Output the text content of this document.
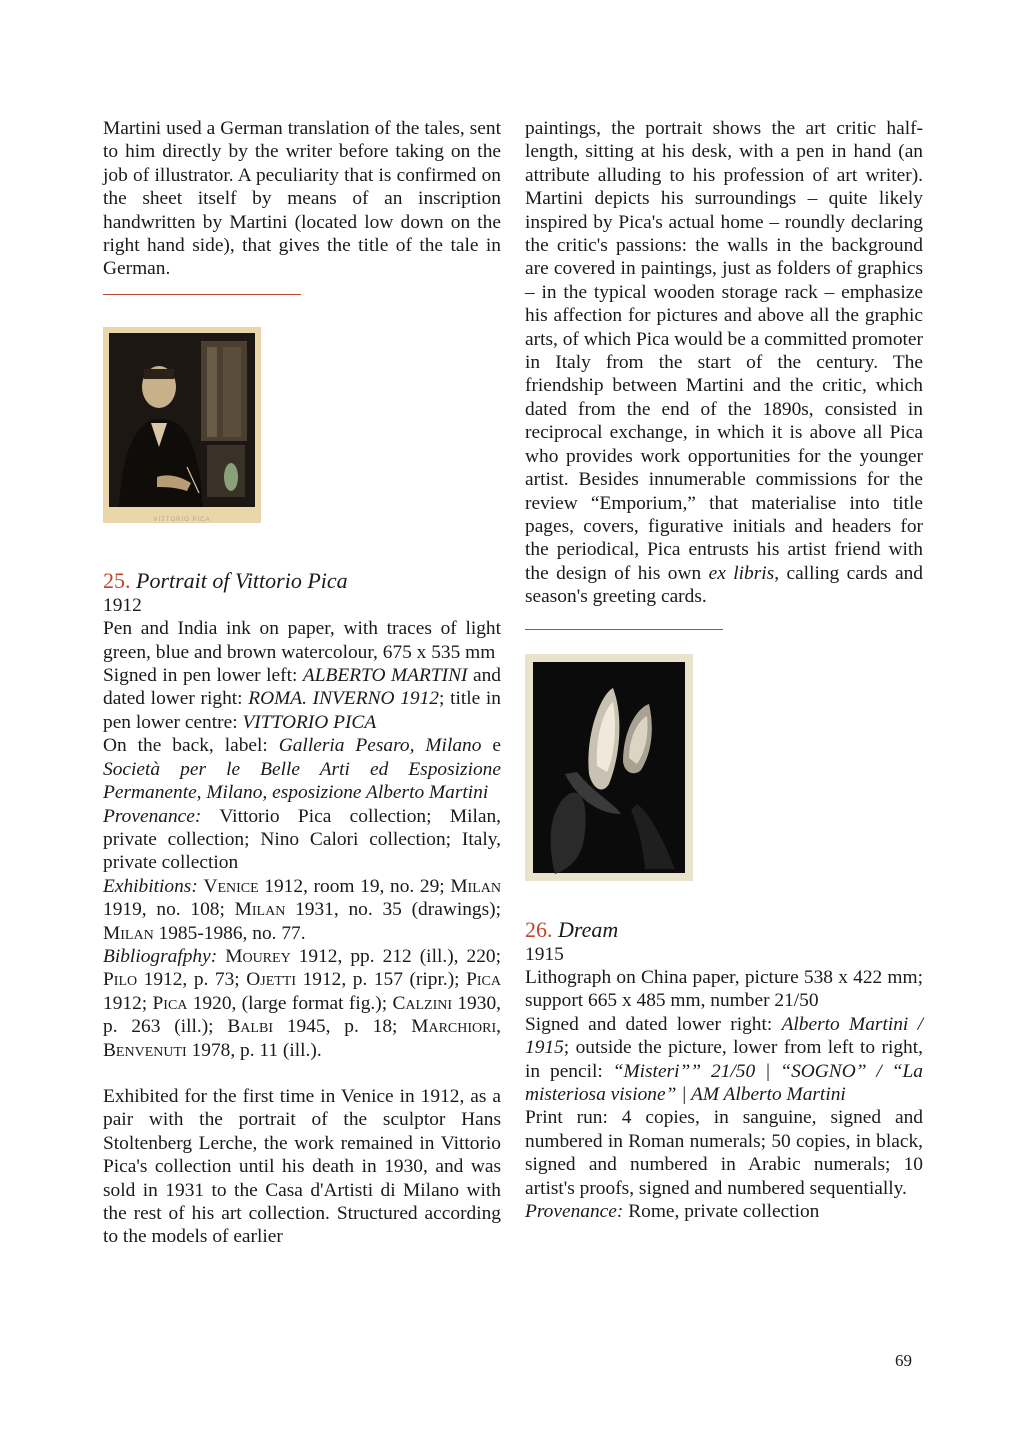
Martini used a German translation of the tales, sent to him directly by the writer before taking on the job of illustrator. A peculiarity that is confirmed on the sheet itself by means of an inscription handwritten by Martini (located low down on the right hand side), that gives the title of the tale in German.

VITTORIO PICA

25. Portrait of Vittorio Pica

1912

Pen and India ink on paper, with traces of light green, blue and brown watercolour, 675 x 535 mm

Signed in pen lower left: ALBERTO MARTINI and dated lower right: ROMA. INVERNO 1912; title in pen lower centre: VITTORIO PICA

On the back, label: Galleria Pesaro, Milano e Società per le Belle Arti ed Esposizione Permanente, Milano, esposizione Alberto Martini

Provenance: Vittorio Pica collection; Milan, private collection; Nino Calori collection; Italy, private collection

Exhibitions: Venice 1912, room 19, no. 29; Milan 1919, no. 108; Milan 1931, no. 35 (drawings); Milan 1985-1986, no. 77.

Bibliografphy: Mourey 1912, pp. 212 (ill.), 220; Pilo 1912, p. 73; Ojetti 1912, p. 157 (ripr.); Pica 1912; Pica 1920, (large format fig.); Calzini 1930, p. 263 (ill.); Balbi 1945, p. 18; Marchiori, Benvenuti 1978, p. 11 (ill.).

Exhibited for the first time in Venice in 1912, as a pair with the portrait of the sculptor Hans Stoltenberg Lerche, the work remained in Vittorio Pica's collection until his death in 1930, and was sold in 1931 to the Casa d'Artisti di Milano with the rest of his art collection. Structured according to the models of earlier

paintings, the portrait shows the art critic half-length, sitting at his desk, with a pen in hand (an attribute alluding to his profession of art writer). Martini depicts his surroundings – quite likely inspired by Pica's actual home – roundly declaring the critic's passions: the walls in the background are covered in paintings, just as folders of graphics – in the typical wooden storage rack – emphasize his affection for pictures and above all the graphic arts, of which Pica would be a committed promoter in Italy from the start of the century. The friendship between Martini and the critic, which dated from the end of the 1890s, consisted in reciprocal exchange, in which it is above all Pica who provides work opportunities for the younger artist. Besides innumerable commissions for the review “Emporium,” that materialise into title pages, covers, figurative initials and headers for the periodical, Pica entrusts his artist friend with the design of his own ex libris, calling cards and season's greeting cards.

26. Dream

1915

Lithograph on China paper, picture 538 x 422 mm; support 665 x 485 mm, number 21/50

Signed and dated lower right: Alberto Martini / 1915; outside the picture, lower from left to right, in pencil: “Misteri”” 21/50 | “SOGNO” / “La misteriosa visione” | AM Alberto Martini

Print run: 4 copies, in sanguine, signed and numbered in Roman numerals; 50 copies, in black, signed and numbered in Arabic numerals; 10 artist's proofs, signed and numbered sequentially.

Provenance: Rome, private collection

69
